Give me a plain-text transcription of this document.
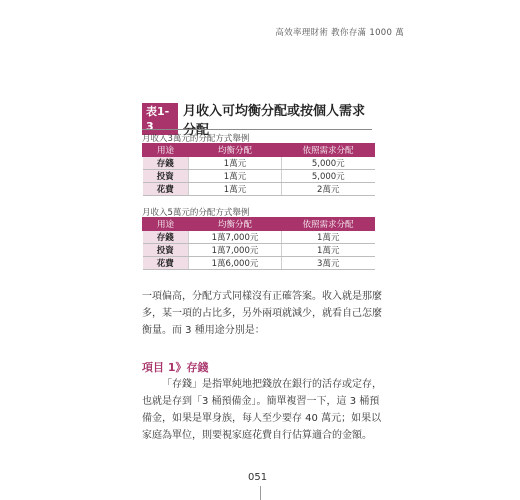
高效率理財術 教你存滿 1000 萬
表1-3
月收入可均衡分配或按個人需求分配
月收入3萬元的分配方式舉例
用途	均衡分配	依照需求分配
存錢	1萬元	5,000元
投資	1萬元	5,000元
花費	1萬元	2萬元
月收入5萬元的分配方式舉例
用途	均衡分配	依照需求分配
存錢	1萬7,000元	1萬元
投資	1萬7,000元	1萬元
花費	1萬6,000元	3萬元

一項偏高，分配方式同樣沒有正確答案。收入就是那麼多，某一項的占比多，另外兩項就減少，就看自己怎麼衡量。而 3 種用途分別是：

項目 1》存錢

「存錢」是指單純地把錢放在銀行的活存或定存，也就是存到「3 桶預備金」。簡單複習一下，這 3 桶預備金，如果是單身族，每人至少要存 40 萬元；如果以家庭為單位，則要視家庭花費自行估算適合的金額。

051
